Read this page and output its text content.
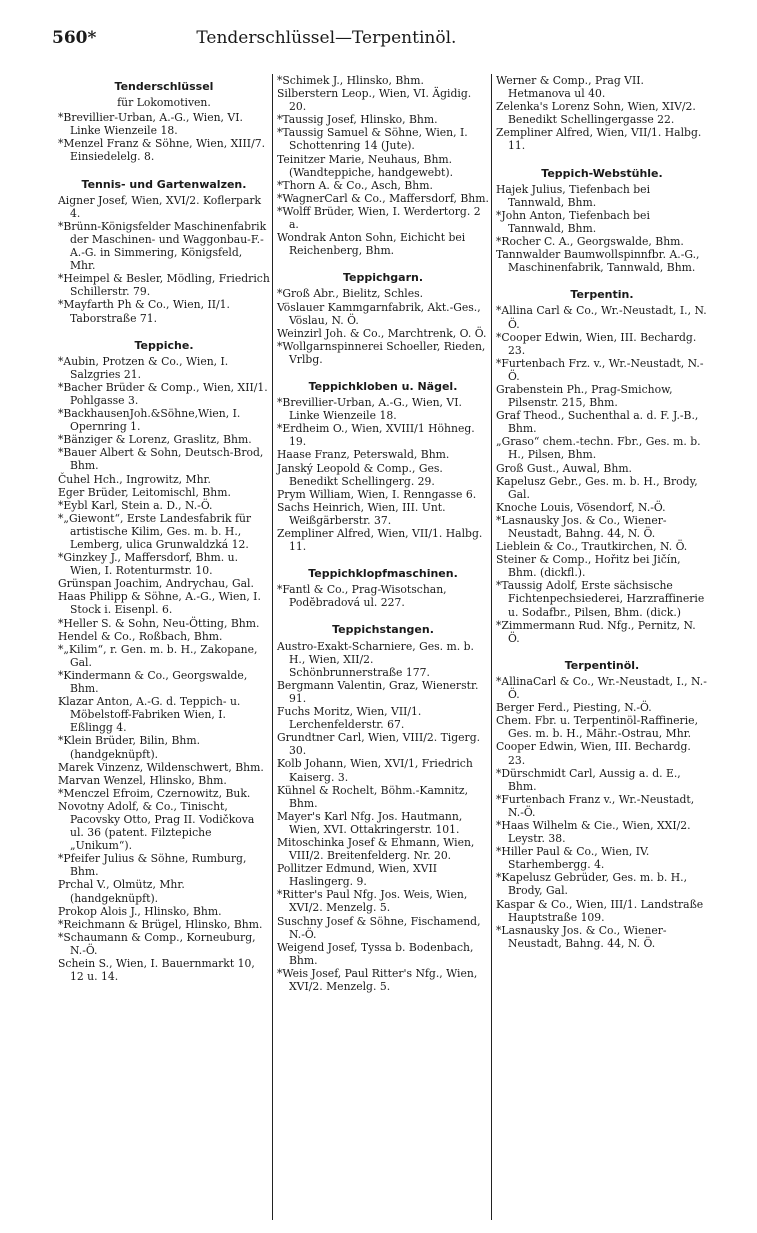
560*	Tenderschlüssel—Terpentinöl.
Tenderschlüssel
für Lokomotiven.
*Brevillier-Urban, A.-G., Wien, VI. Linke Wienzeile 18.
*Menzel Franz & Söhne, Wien, XIII/7. Einsiedelelg. 8.
Tennis- und Gartenwalzen.
Aigner Josef, Wien, XVI/2. Koflerpark 4.
*Brünn-Königsfelder Maschinenfabrik der Maschinen- und Waggonbau-F.-A.-G. in Simmering, Königsfeld, Mhr.
*Heimpel & Besler, Mödling, Friedrich Schillerstr. 79.
*Mayfarth Ph & Co., Wien, II/1. Taborstraße 71.
Teppiche.
*Aubin, Protzen & Co., Wien, I. Salzgries 21.
*Bacher Brüder & Comp., Wien, XII/1. Pohlgasse 3.
*BackhausenJoh.&Söhne,Wien, I. Opernring 1.
*Bänziger & Lorenz, Graslitz, Bhm.
*Bauer Albert & Sohn, Deutsch-Brod, Bhm.
Čuhel Hch., Ingrowitz, Mhr.
Eger Brüder, Leitomischl, Bhm.
*Eybl Karl, Stein a. D., N.-Ö.
*„Giewont“, Erste Landesfabrik für artistische Kilim, Ges. m. b. H., Lemberg, ulica Grunwaldzká 12.
*Ginzkey J., Maffersdorf, Bhm. u. Wien, I. Rotenturmstr. 10.
Grünspan Joachim, Andrychau, Gal.
Haas Philipp & Söhne, A.-G., Wien, I. Stock i. Eisenpl. 6.
*Heller S. & Sohn, Neu-Ötting, Bhm.
Hendel & Co., Roßbach, Bhm.
*„Kilim“, r. Gen. m. b. H., Zakopane, Gal.
*Kindermann & Co., Georgswalde, Bhm.
Klazar Anton, A.-G. d. Teppich- u. Möbelstoff-Fabriken Wien, I. Eßlingg 4.
*Klein Brüder, Bilin, Bhm. (handgeknüpft).
Marek Vinzenz, Wildenschwert, Bhm.
Marvan Wenzel, Hlinsko, Bhm.
*Menczel Efroim, Czernowitz, Buk.
Novotny Adolf, & Co., Tinischt, Pacovsky Otto, Prag II. Vodičkova ul. 36 (patent. Filztepiche „Unikum“).
*Pfeifer Julius & Söhne, Rumburg, Bhm.
Prchal V., Olmütz, Mhr. (handgeknüpft).
Prokop Alois J., Hlinsko, Bhm.
*Reichmann & Brügel, Hlinsko, Bhm.
*Schaumann & Comp., Korneuburg, N.-Ö.
Schein S., Wien, I. Bauernmarkt 10, 12 u. 14.
*Schimek J., Hlinsko, Bhm.
Silberstern Leop., Wien, VI. Ägidig. 20.
*Taussig Josef, Hlinsko, Bhm.
*Taussig Samuel & Söhne, Wien, I. Schottenring 14 (Jute).
Teinitzer Marie, Neuhaus, Bhm. (Wandteppiche, handgewebt).
*Thorn A. & Co., Asch, Bhm.
*WagnerCarl & Co., Maffersdorf, Bhm.
*Wolff Brüder, Wien, I. Werdertorg. 2 a.
Wondrak Anton Sohn, Eichicht bei Reichenberg, Bhm.
Teppichgarn.
*Groß Abr., Bielitz, Schles.
Vöslauer Kammgarnfabrik, Akt.-Ges., Vöslau, N. Ö.
Weinzirl Joh. & Co., Marchtrenk, O. Ö.
*Wollgarnspinnerei Schoeller, Rieden, Vrlbg.
Teppichkloben u. Nägel.
*Brevillier-Urban, A.-G., Wien, VI. Linke Wienzeile 18.
*Erdheim O., Wien, XVIII/1 Höhneg. 19.
Haase Franz, Peterswald, Bhm.
Janský Leopold & Comp., Ges. Benedikt Schellingerg. 29.
Prym William, Wien, I. Renngasse 6.
Sachs Heinrich, Wien, III. Unt. Weißgärberstr. 37.
Zempliner Alfred, Wien, VII/1. Halbg. 11.
Teppichklopfmaschinen.
*Fantl & Co., Prag-Wisotschan, Podĕbradová ul. 227.
Teppichstangen.
Austro-Exakt-Scharniere, Ges. m. b. H., Wien, XII/2. Schönbrunnerstraße 177.
Bergmann Valentin, Graz, Wienerstr. 91.
Fuchs Moritz, Wien, VII/1. Lerchenfelderstr. 67.
Grundtner Carl, Wien, VIII/2. Tigerg. 30.
Kolb Johann, Wien, XVI/1, Friedrich Kaiserg. 3.
Kühnel & Rochelt, Böhm.-Kamnitz, Bhm.
Mayer's Karl Nfg. Jos. Hautmann, Wien, XVI. Ottakringerstr. 101.
Mitoschinka Josef & Ehmann, Wien, VIII/2. Breitenfelderg. Nr. 20.
Pollitzer Edmund, Wien, XVII Haslingerg. 9.
*Ritter's Paul Nfg. Jos. Weis, Wien, XVI/2. Menzelg. 5.
Suschny Josef & Söhne, Fischamend, N.-Ö.
Weigend Josef, Tyssa b. Bodenbach, Bhm.
*Weis Josef, Paul Ritter's Nfg., Wien, XVI/2. Menzelg. 5.
Werner & Comp., Prag VII. Hetmanova ul 40.
Zelenka's Lorenz Sohn, Wien, XIV/2. Benedikt Schellingergasse 22.
Zempliner Alfred, Wien, VII/1. Halbg. 11.
Teppich-Webstühle.
Hajek Julius, Tiefenbach bei Tannwald, Bhm.
*John Anton, Tiefenbach bei Tannwald, Bhm.
*Rocher C. A., Georgswalde, Bhm.
Tannwalder Baumwollspinnfbr. A.-G., Maschinenfabrik, Tannwald, Bhm.
Terpentin.
*Allina Carl & Co., Wr.-Neustadt, I., N. Ö.
*Cooper Edwin, Wien, III. Bechardg. 23.
*Furtenbach Frz. v., Wr.-Neustadt, N.-Ö.
Grabenstein Ph., Prag-Smichow, Pilsenstr. 215, Bhm.
Graf Theod., Suchenthal a. d. F. J.-B., Bhm.
„Graso“ chem.-techn. Fbr., Ges. m. b. H., Pilsen, Bhm.
Groß Gust., Auwal, Bhm.
Kapelusz Gebr., Ges. m. b. H., Brody, Gal.
Knoche Louis, Vösendorf, N.-Ö.
*Lasnausky Jos. & Co., Wiener-Neustadt, Bahng. 44, N. Ö.
Lieblein & Co., Trautkirchen, N. Ö.
Steiner & Comp., Hořitz bei Jičín, Bhm. (dickfl.).
*Taussig Adolf, Erste sächsische Fichtenpechsiederei, Harzraffinerie u. Sodafbr., Pilsen, Bhm. (dick.)
*Zimmermann Rud. Nfg., Pernitz, N. Ö.
Terpentinöl.
*AllinaCarl & Co., Wr.-Neustadt, I., N.-Ö.
Berger Ferd., Piesting, N.-Ö.
Chem. Fbr. u. Terpentinöl-Raffinerie, Ges. m. b. H., Mähr.-Ostrau, Mhr.
Cooper Edwin, Wien, III. Bechardg. 23.
*Dürschmidt Carl, Aussig a. d. E., Bhm.
*Furtenbach Franz v., Wr.-Neustadt, N.-Ö.
*Haas Wilhelm & Cie., Wien, XXI/2. Leystr. 38.
*Hiller Paul & Co., Wien, IV. Starhembergg. 4.
*Kapelusz Gebrüder, Ges. m. b. H., Brody, Gal.
Kaspar & Co., Wien, III/1. Landstraße Hauptstraße 109.
*Lasnausky Jos. & Co., Wiener-Neustadt, Bahng. 44, N. Ö.
